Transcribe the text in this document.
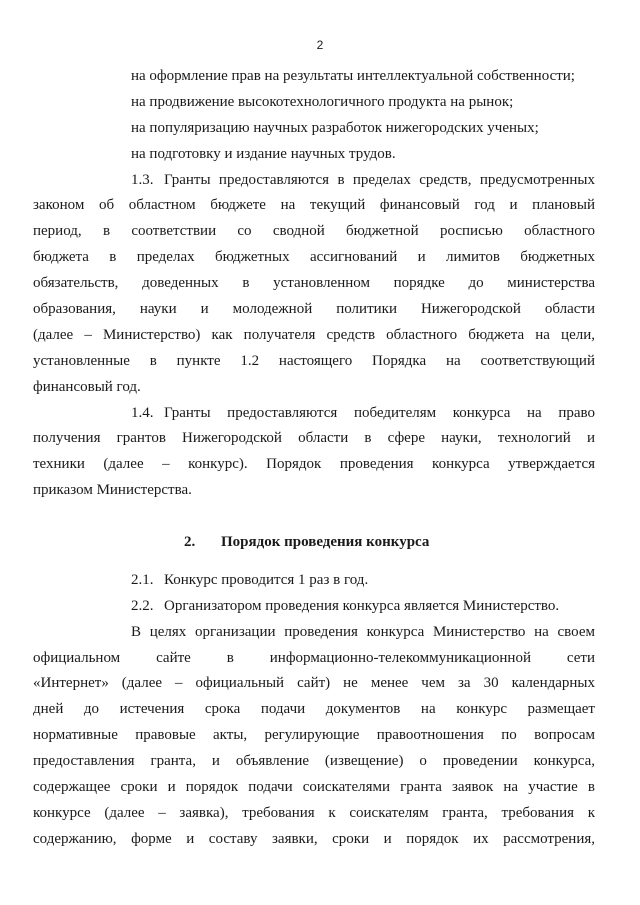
2
на оформление прав на результаты интеллектуальной собственности;
на продвижение высокотехнологичного продукта на рынок;
на популяризацию научных разработок нижегородских ученых;
на подготовку и издание научных трудов.
1.3. Гранты предоставляются в пределах средств, предусмотренных
законом об областном бюджете на текущий финансовый год и плановый
период, в соответствии со сводной бюджетной росписью областного
бюджета в пределах бюджетных ассигнований и лимитов бюджетных
обязательств, доведенных в установленном порядке до министерства
образования, науки и молодежной политики Нижегородской области
(далее – Министерство) как получателя средств областного бюджета на цели,
установленные в пункте 1.2 настоящего Порядка на соответствующий
финансовый год.
1.4. Гранты предоставляются победителям конкурса на право
получения грантов Нижегородской области в сфере науки, технологий и
техники (далее – конкурс). Порядок проведения конкурса утверждается
приказом Министерства.
2. Порядок проведения конкурса
2.1. Конкурс проводится 1 раз в год.
2.2. Организатором проведения конкурса является Министерство.
В целях организации проведения конкурса Министерство на своем
официальном сайте в информационно-телекоммуникационной сети
«Интернет» (далее – официальный сайт) не менее чем за 30 календарных
дней до истечения срока подачи документов на конкурс размещает
нормативные правовые акты, регулирующие правоотношения по вопросам
предоставления гранта, и объявление (извещение) о проведении конкурса,
содержащее сроки и порядок подачи соискателями гранта заявок на участие в
конкурсе (далее – заявка), требования к соискателям гранта, требования к
содержанию, форме и составу заявки, сроки и порядок их рассмотрения,
